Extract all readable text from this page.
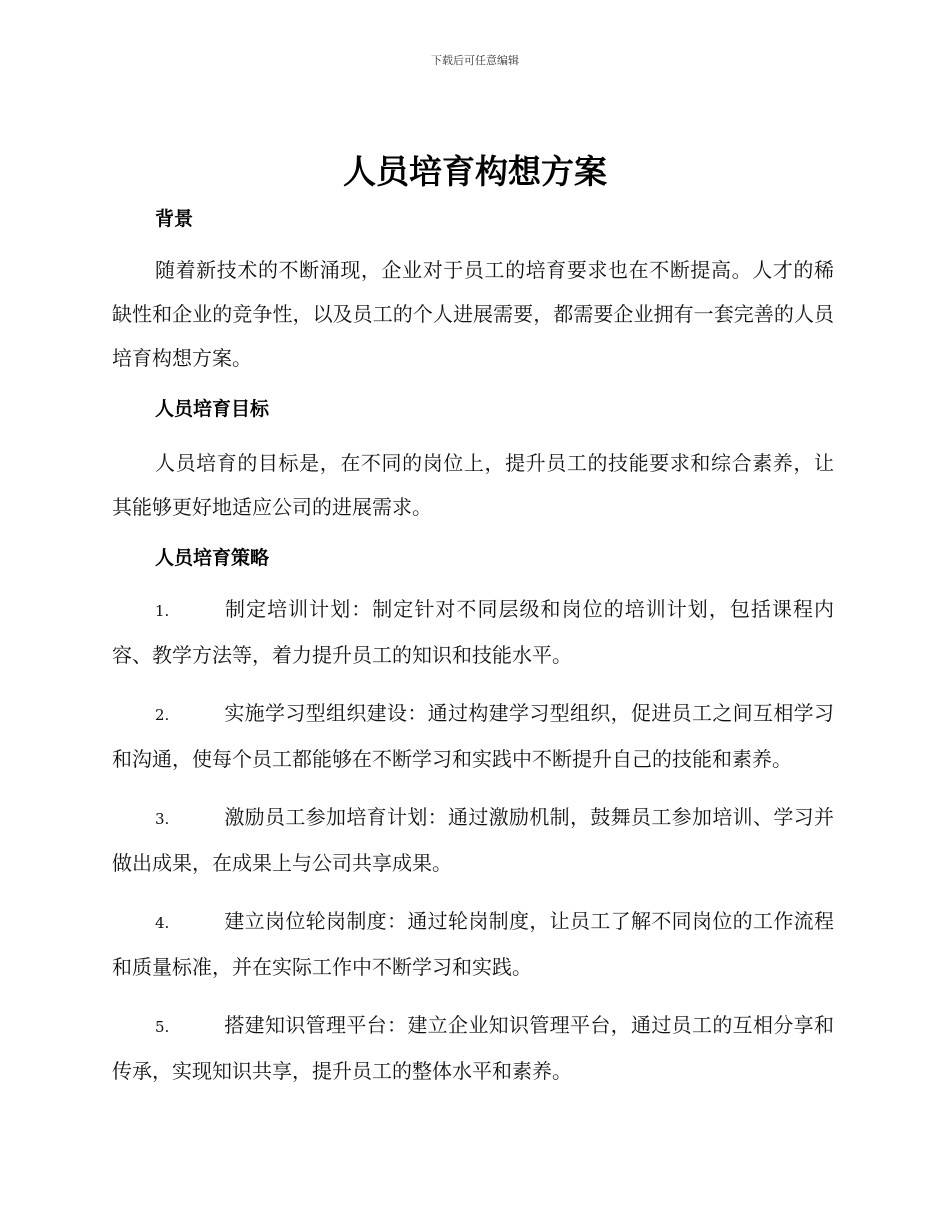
下载后可任意编辑
人员培育构想方案
背景

随着新技术的不断涌现，企业对于员工的培育要求也在不断提高。人才的稀缺性和企业的竞争性，以及员工的个人进展需要，都需要企业拥有一套完善的人员培育构想方案。

人员培育目标

人员培育的目标是，在不同的岗位上，提升员工的技能要求和综合素养，让其能够更好地适应公司的进展需求。

人员培育策略

1.	制定培训计划：制定针对不同层级和岗位的培训计划，包括课程内容、教学方法等，着力提升员工的知识和技能水平。

2.	实施学习型组织建设：通过构建学习型组织，促进员工之间互相学习和沟通，使每个员工都能够在不断学习和实践中不断提升自己的技能和素养。

3.	激励员工参加培育计划：通过激励机制，鼓舞员工参加培训、学习并做出成果，在成果上与公司共享成果。

4.	建立岗位轮岗制度：通过轮岗制度，让员工了解不同岗位的工作流程和质量标准，并在实际工作中不断学习和实践。

5.	搭建知识管理平台：建立企业知识管理平台，通过员工的互相分享和传承，实现知识共享，提升员工的整体水平和素养。
